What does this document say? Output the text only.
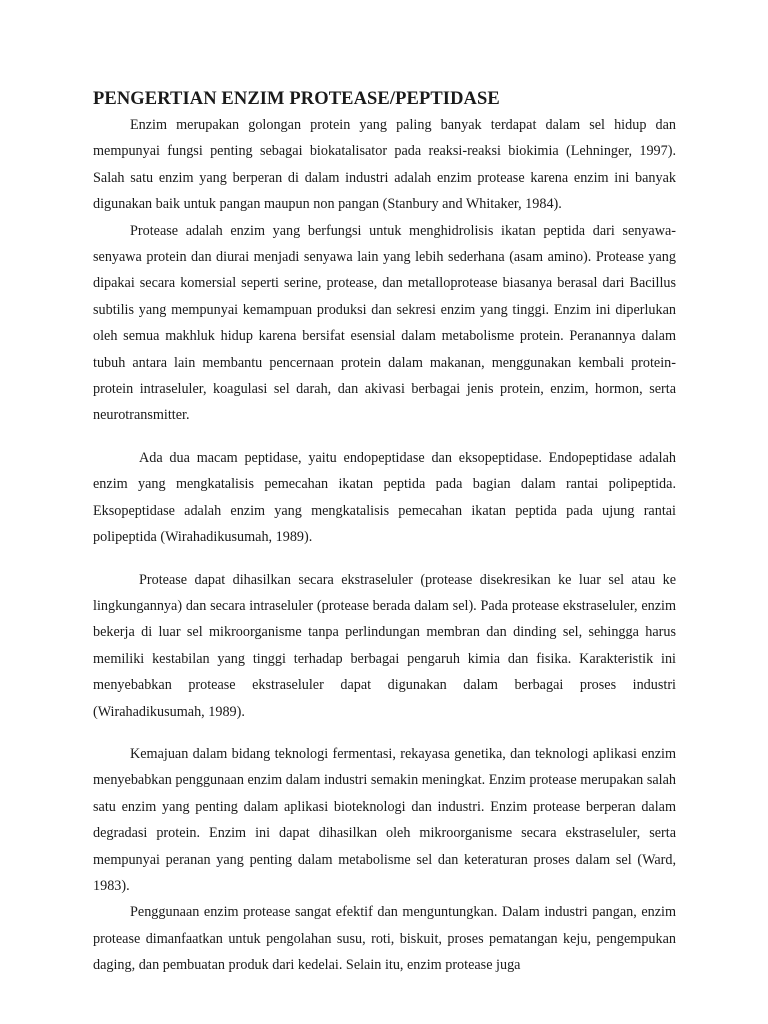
PENGERTIAN ENZIM PROTEASE/PEPTIDASE

Enzim merupakan golongan protein yang paling banyak terdapat dalam sel hidup dan mempunyai fungsi penting sebagai biokatalisator pada reaksi-reaksi biokimia (Lehninger, 1997). Salah satu enzim yang berperan di dalam industri adalah enzim protease karena enzim ini banyak digunakan baik untuk pangan maupun non pangan (Stanbury and Whitaker, 1984).

Protease adalah enzim yang berfungsi untuk menghidrolisis ikatan peptida dari senyawa-senyawa protein dan diurai menjadi senyawa lain yang lebih sederhana (asam amino). Protease yang dipakai secara komersial seperti serine, protease, dan metalloprotease biasanya berasal dari Bacillus subtilis yang mempunyai kemampuan produksi dan sekresi enzim yang tinggi. Enzim ini diperlukan oleh semua makhluk hidup karena bersifat esensial dalam metabolisme protein. Peranannya dalam tubuh antara lain membantu pencernaan protein dalam makanan, menggunakan kembali protein-protein intraseluler, koagulasi sel darah, dan akivasi berbagai jenis protein, enzim, hormon, serta neurotransmitter.

Ada dua macam peptidase, yaitu endopeptidase dan eksopeptidase. Endopeptidase adalah enzim yang mengkatalisis pemecahan ikatan peptida pada bagian dalam rantai polipeptida. Eksopeptidase adalah enzim yang mengkatalisis pemecahan ikatan peptida pada ujung rantai polipeptida (Wirahadikusumah, 1989).

Protease dapat dihasilkan secara ekstraseluler (protease disekresikan ke luar sel atau ke lingkungannya) dan secara intraseluler (protease berada dalam sel). Pada protease ekstraseluler, enzim bekerja di luar sel mikroorganisme tanpa perlindungan membran dan dinding sel, sehingga harus memiliki kestabilan yang tinggi terhadap berbagai pengaruh kimia dan fisika. Karakteristik ini menyebabkan protease ekstraseluler dapat digunakan dalam berbagai proses industri (Wirahadikusumah, 1989).

Kemajuan dalam bidang teknologi fermentasi, rekayasa genetika, dan teknologi aplikasi enzim menyebabkan penggunaan enzim dalam industri semakin meningkat. Enzim protease merupakan salah satu enzim yang penting dalam aplikasi bioteknologi dan industri. Enzim protease berperan dalam degradasi protein. Enzim ini dapat dihasilkan oleh mikroorganisme secara ekstraseluler, serta mempunyai peranan yang penting dalam metabolisme sel dan keteraturan proses dalam sel (Ward, 1983).

Penggunaan enzim protease sangat efektif dan menguntungkan. Dalam industri pangan, enzim protease dimanfaatkan untuk pengolahan susu, roti, biskuit, proses pematangan keju, pengempukan daging, dan pembuatan produk dari kedelai. Selain itu, enzim protease juga
